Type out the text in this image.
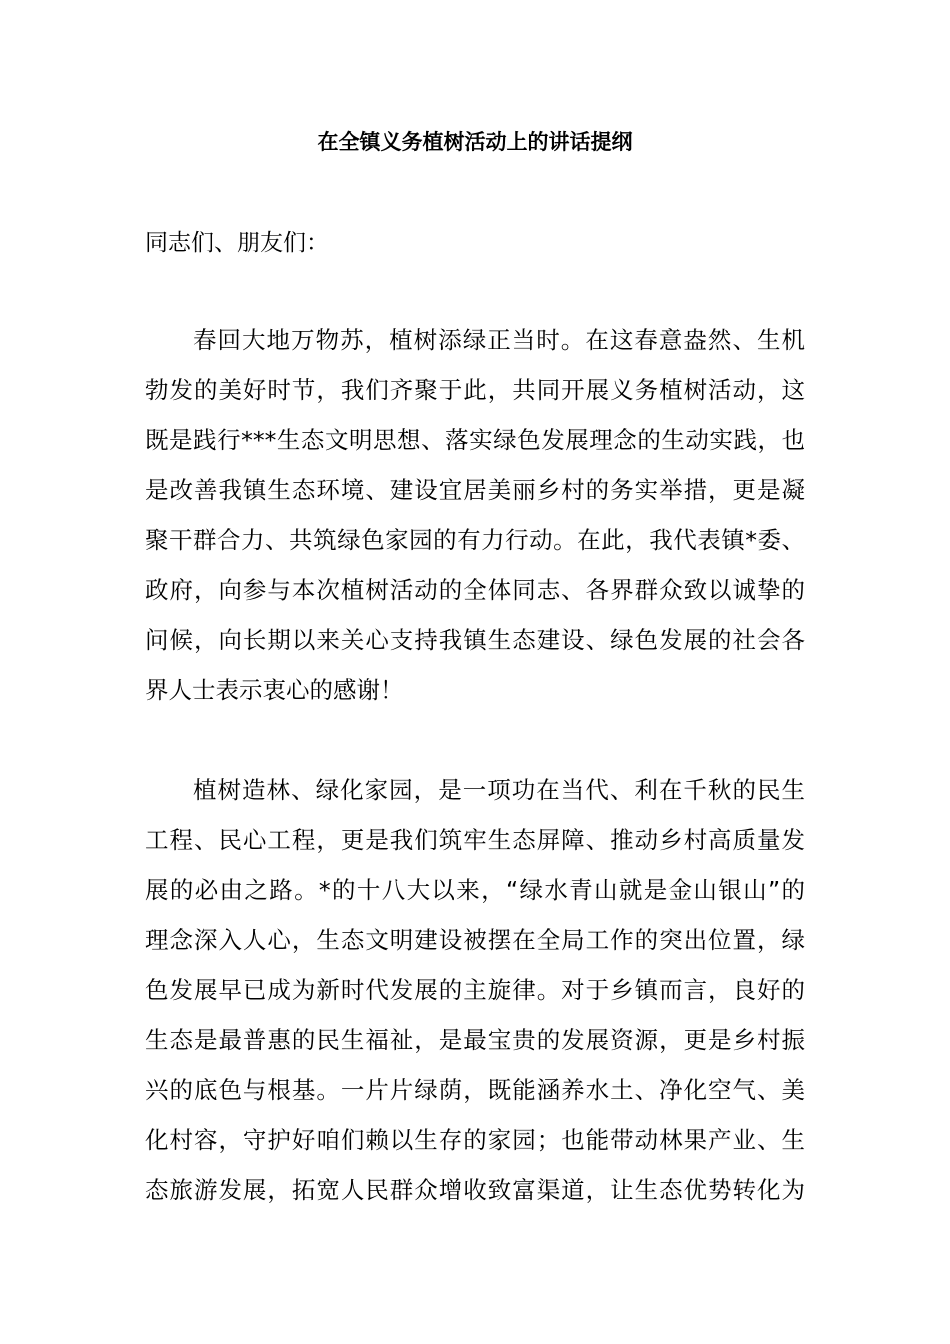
在全镇义务植树活动上的讲话提纲
同志们、朋友们：
春回大地万物苏，植树添绿正当时。在这春意盎然、生机
勃发的美好时节，我们齐聚于此，共同开展义务植树活动，这
既是践行***生态文明思想、落实绿色发展理念的生动实践，也
是改善我镇生态环境、建设宜居美丽乡村的务实举措，更是凝
聚干群合力、共筑绿色家园的有力行动。在此，我代表镇*委、
政府，向参与本次植树活动的全体同志、各界群众致以诚挚的
问候，向长期以来关心支持我镇生态建设、绿色发展的社会各
界人士表示衷心的感谢！
植树造林、绿化家园，是一项功在当代、利在千秋的民生
工程、民心工程，更是我们筑牢生态屏障、推动乡村高质量发
展的必由之路。*的十八大以来，“绿水青山就是金山银山”的
理念深入人心，生态文明建设被摆在全局工作的突出位置，绿
色发展早已成为新时代发展的主旋律。对于乡镇而言，良好的
生态是最普惠的民生福祉，是最宝贵的发展资源，更是乡村振
兴的底色与根基。一片片绿荫，既能涵养水土、净化空气、美
化村容，守护好咱们赖以生存的家园；也能带动林果产业、生
态旅游发展，拓宽人民群众增收致富渠道，让生态优势转化为
